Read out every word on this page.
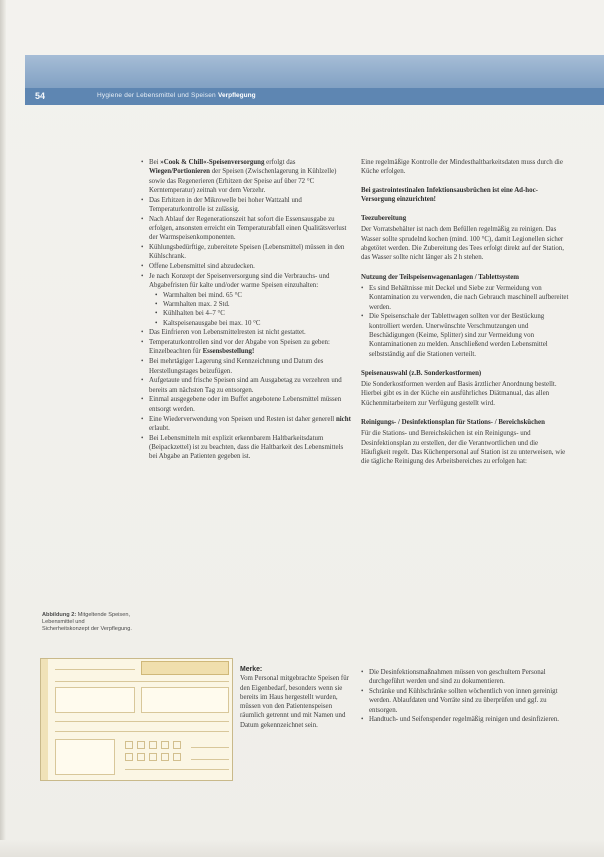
54	Hygiene der Lebensmittel und Speisen Verpflegung
• Bei »Cook & Chill«-Speisenversorgung erfolgt das Wiegen/Portionieren der Speisen (Zwischenlagerung in Kühlzelle) sowie das Regenerieren (Erhitzen der Speise auf über 72 °C Kerntemperatur) zeitnah vor dem Verzehr.
• Das Erhitzen in der Mikrowelle bei hoher Wattzahl und Temperaturkontrolle ist zulässig.
• Nach Ablauf der Regenerationszeit hat sofort die Essensausgabe zu erfolgen, ansonsten erreicht ein Temperaturabfall einen Qualitätsverlust der Warmspeisenkomponenten.
• Kühlungsbedürftige, zubereitete Speisen (Lebensmittel) müssen in den Kühlschrank.
• Offene Lebensmittel sind abzudecken.
• Je nach Konzept der Speisenversorgung sind die Verbrauchs- und Abgabefristen für kalte und/oder warme Speisen einzuhalten:
• Warmhalten bei mind. 65 °C
• Warmhalten max. 2 Std.
• Kühlhalten bei 4–7 °C
• Kaltspeisenausgabe bei max. 10 °C
• Das Einfrieren von Lebensmittelresten ist nicht gestattet.
• Temperaturkontrollen sind vor der Abgabe von Speisen zu geben: Einzelbeachten für Essensbestellung!
• Bei mehrtägiger Lagerung sind Kennzeichnung und Datum des Herstellungstages beizufügen.
• Aufgetaute und frische Speisen sind am Ausgabetag zu verzehren und bereits am nächsten Tag zu entsorgen.
• Einmal ausgegebene oder im Buffet angebotene Lebensmittel müssen entsorgt werden.
• Eine Wiederverwendung von Speisen und Resten ist daher generell nicht erlaubt.
• Bei Lebensmitteln mit explizit erkennbarem Haltbarkeitsdatum (Beipackzettel) ist zu beachten, dass die Haltbarkeit des Lebensmittels bei Abgabe an Patienten gegeben ist.

Eine regelmäßige Kontrolle der Mindesthaltbarkeitsdaten muss durch die Küche erfolgen.

Bei gastrointestinalen Infektionsausbrüchen ist eine Ad-hoc-Versorgung einzurichten!
Teezubereitung

Der Vorratsbehälter ist nach dem Befüllen regelmäßig zu reinigen. Das Wasser sollte sprudelnd kochen (mind. 100 °C), damit Legionellen sicher abgetötet werden. Die Zubereitung des Tees erfolgt direkt auf der Station, das Wasser sollte nicht länger als 2 h stehen.

Nutzung der Teilspeisenwagenanlagen / Tablettsystem
• Es sind Behältnisse mit Deckel und Siebe zur Vermeidung von Kontamination zu verwenden, die nach Gebrauch maschinell aufbereitet werden.
• Die Speisenschale der Tablettwagen sollten vor der Bestückung kontrolliert werden. Unerwünschte Verschmutzungen und Beschädigungen (Keime, Splitter) sind zur Vermeidung von Kontaminationen zu melden. Anschließend werden Lebensmittel selbstständig auf die Stationen verteilt.
Speisenauswahl (z.B. Sonderkostformen)

Die Sonderkostformen werden auf Basis ärztlicher Anordnung bestellt. Hierbei gibt es in der Küche ein ausführliches Diätmanual, das allen Küchenmitarbeitern zur Verfügung gestellt wird.

Reinigungs- / Desinfektionsplan für Stations- / Bereichsküchen

Für die Stations- und Bereichsküchen ist ein Reinigungs- und Desinfektionsplan zu erstellen, der die Verantwortlichen und die Häufigkeit regelt. Das Küchenpersonal auf Station ist zu unterweisen, wie die tägliche Reinigung des Arbeitsbereiches zu erfolgen hat:

Abbildung 2: Mitgeltende Speisen, Lebensmittel und Sicherheitskonzept der Verpflegung.
Merke:

Vom Personal mitgebrachte Speisen für den Eigenbedarf, besonders wenn sie bereits im Haus hergestellt wurden, müssen von den Patientenspeisen räumlich getrennt und mit Namen und Datum gekennzeichnet sein.

• Die Desinfektionsmaßnahmen müssen von geschultem Personal durchgeführt werden und sind zu dokumentieren.
• Schränke und Kühlschränke sollten wöchentlich von innen gereinigt werden. Ablaufdaten und Vorräte sind zu überprüfen und ggf. zu entsorgen.
• Handtuch- und Seifenspender regelmäßig reinigen und desinfizieren.
